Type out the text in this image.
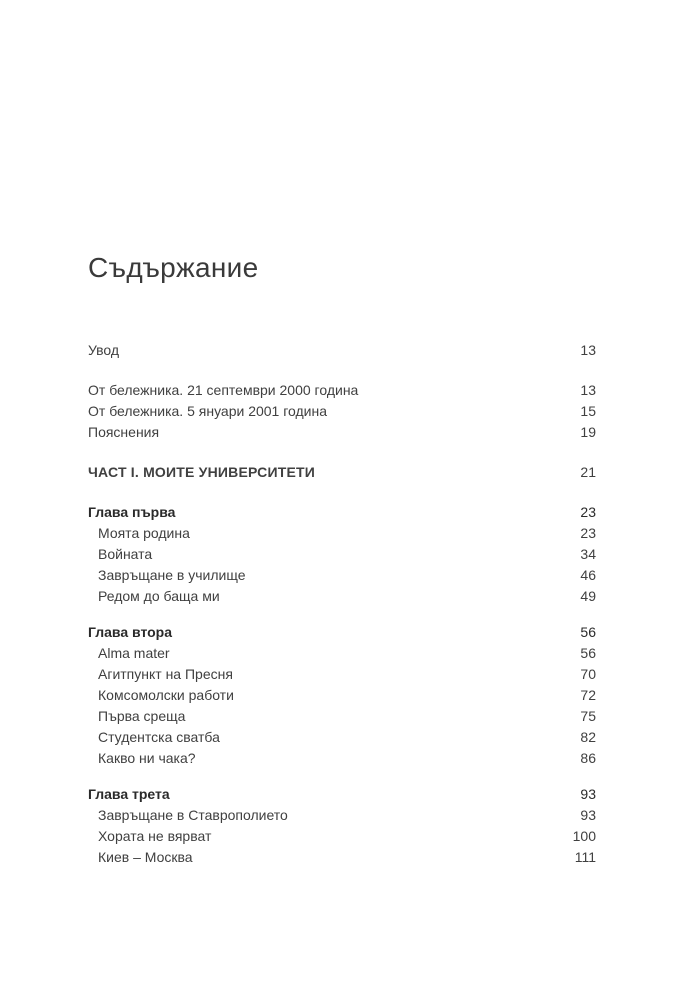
Съдържание
Увод	13
От бележника. 21 септември 2000 година	13
От бележника. 5 януари 2001 година	15
Пояснения	19
ЧАСТ I. МОИТЕ УНИВЕРСИТЕТИ	21
Глава първа	23
Моята родина	23
Войната	34
Завръщане в училище	46
Редом до баща ми	49
Глава втора	56
Alma mater	56
Агитпункт на Пресня	70
Комсомолски работи	72
Първа среща	75
Студентска сватба	82
Какво ни чака?	86
Глава трета	93
Завръщане в Ставрополието	93
Хората не вярват	100
Киев – Москва	111
